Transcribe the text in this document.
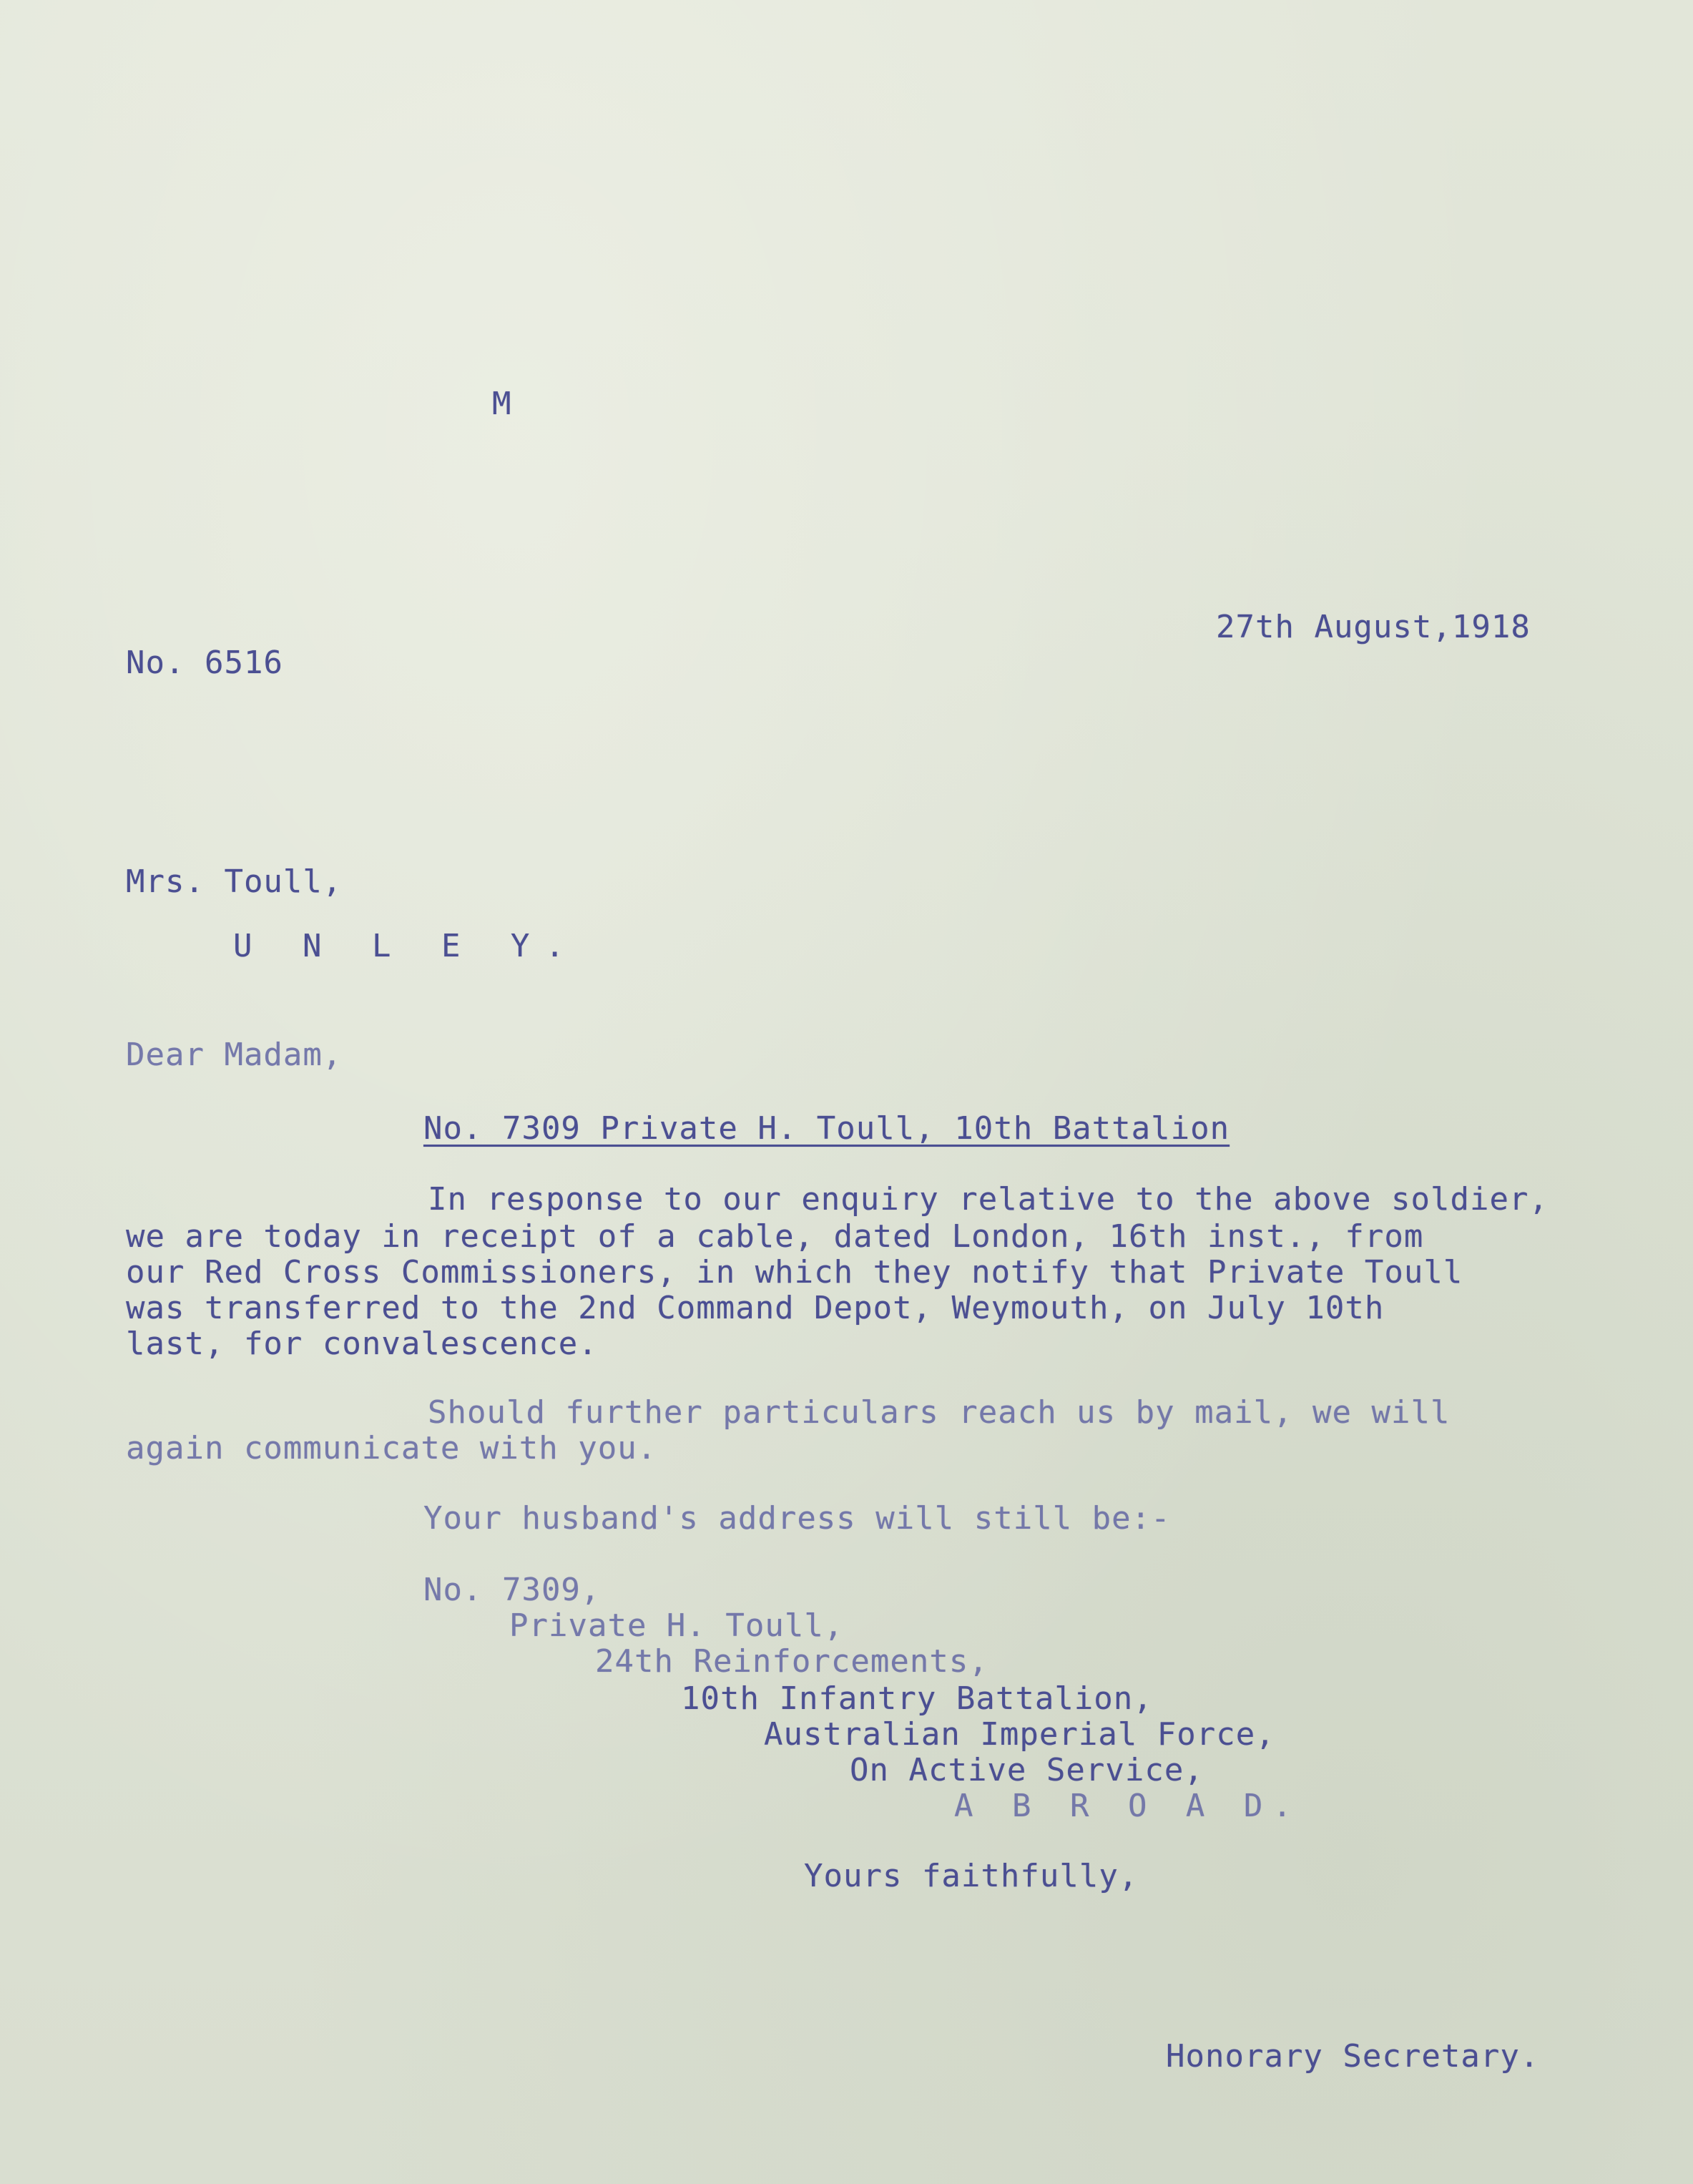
M

27th August,1918

No. 6516

Mrs. Toull,

U N L E Y.

Dear Madam,

No. 7309 Private H. Toull, 10th Battalion

In response to our enquiry relative to the above soldier,

we are today in receipt of a cable, dated London, 16th inst., from

our Red Cross Commissioners, in which they notify that Private Toull

was transferred to the 2nd Command Depot, Weymouth, on July 10th

last, for convalescence.

Should further particulars reach us by mail, we will

again communicate with you.

Your husband's address will still be:-

No. 7309,

Private H. Toull,

24th Reinforcements,

10th Infantry Battalion,

Australian Imperial Force,

On Active Service,

A B R O A D.

Yours faithfully,

Honorary Secretary.
